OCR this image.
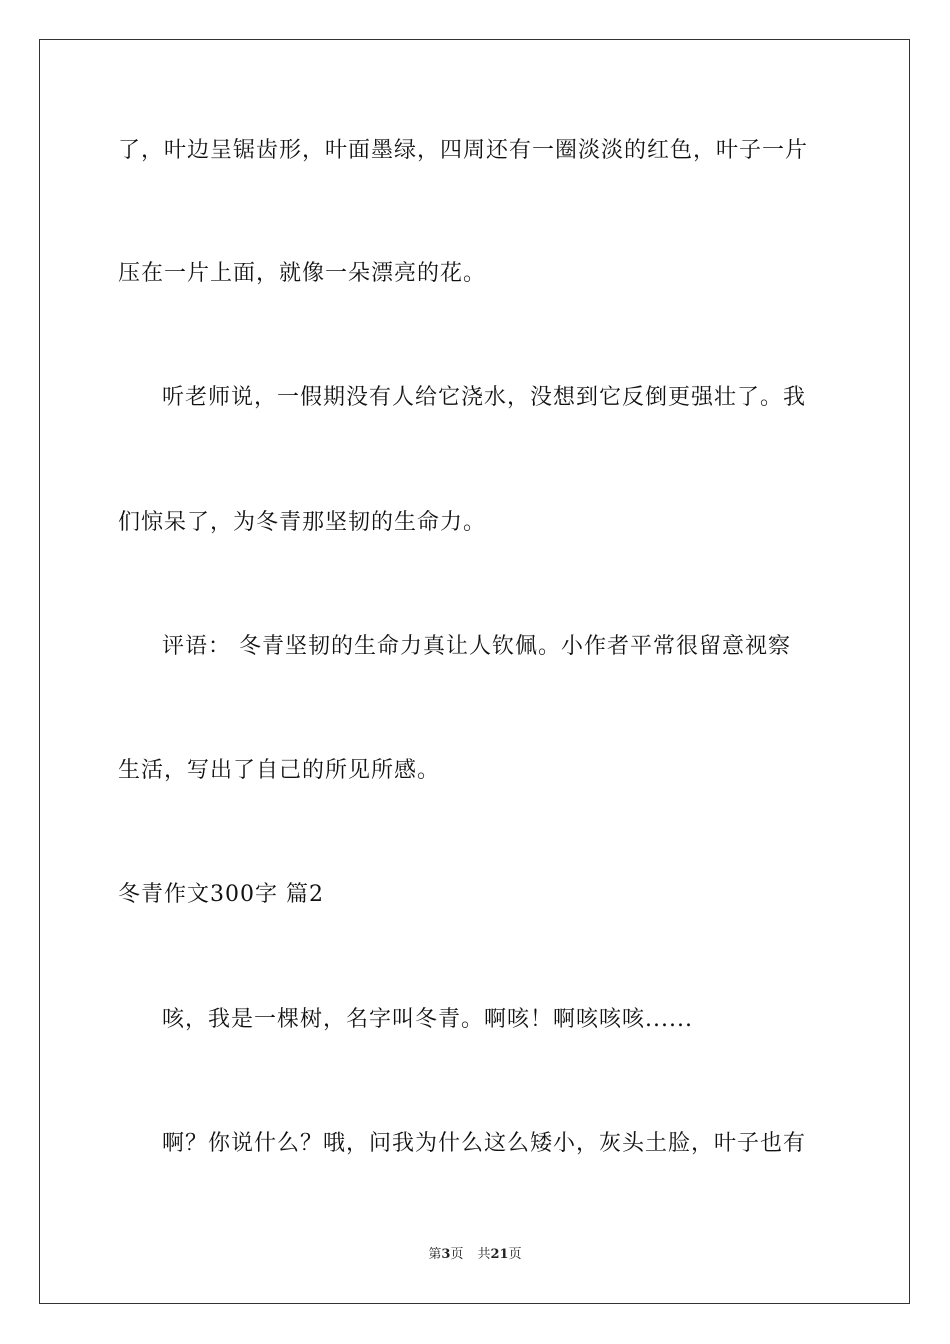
了，叶边呈锯齿形，叶面墨绿，四周还有一圈淡淡的红色，叶子一片
压在一片上面，就像一朵漂亮的花。
听老师说，一假期没有人给它浇水，没想到它反倒更强壮了。我
们惊呆了，为冬青那坚韧的生命力。
评语： 冬青坚韧的生命力真让人钦佩。小作者平常很留意视察
生活，写出了自己的所见所感。
冬青作文300字 篇2
咳，我是一棵树，名字叫冬青。啊咳！啊咳咳咳......
啊？你说什么？哦，问我为什么这么矮小，灰头土脸，叶子也有
第3页 共21页
